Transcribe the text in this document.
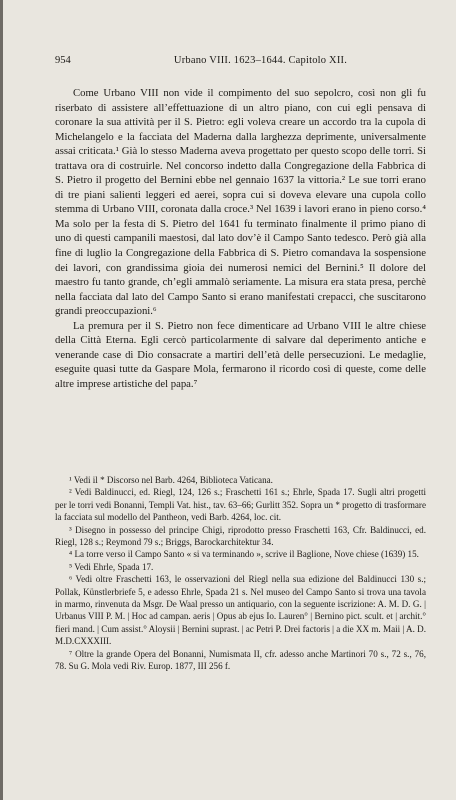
954	Urbano VIII. 1623–1644. Capitolo XII.

Come Urbano VIII non vide il compimento del suo sepolcro, così non gli fu riserbato di assistere all’effettuazione di un altro piano, con cui egli pensava di coronare la sua attività per il S. Pietro: egli voleva creare un accordo tra la cupola di Michelangelo e la facciata del Maderna dalla larghezza deprimente, universalmente assai criticata.¹ Già lo stesso Maderna aveva progettato per questo scopo delle torri. Si trattava ora di costruirle. Nel concorso indetto dalla Congregazione della Fabbrica di S. Pietro il progetto del Bernini ebbe nel gennaio 1637 la vittoria.² Le sue torri erano di tre piani salienti leggeri ed aerei, sopra cui si doveva elevare una cupola collo stemma di Urbano VIII, coronata dalla croce.³ Nel 1639 i lavori erano in pieno corso.⁴ Ma solo per la festa di S. Pietro del 1641 fu terminato finalmente il primo piano di uno di questi campanili maestosi, dal lato dov’è il Campo Santo tedesco. Però già alla fine di luglio la Congregazione della Fabbrica di S. Pietro comandava la sospensione dei lavori, con grandissima gioia dei numerosi nemici del Bernini.⁵ Il dolore del maestro fu tanto grande, ch’egli ammalò seriamente. La misura era stata presa, perchè nella facciata dal lato del Campo Santo si erano manifestati crepacci, che suscitarono grandi preoccupazioni.⁶

La premura per il S. Pietro non fece dimenticare ad Urbano VIII le altre chiese della Città Eterna. Egli cercò particolarmente di salvare dal deperimento antiche e venerande case di Dio consacrate a martiri dell’età delle persecuzioni. Le medaglie, eseguite quasi tutte da Gaspare Mola, fermarono il ricordo così di queste, come delle altre imprese artistiche del papa.⁷

¹ Vedi il * Discorso nel Barb. 4264, Biblioteca Vaticana.

² Vedi Baldinucci, ed. Riegl, 124, 126 s.; Fraschetti 161 s.; Ehrle, Spada 17. Sugli altri progetti per le torri vedi Bonanni, Templi Vat. hist., tav. 63–66; Gurlitt 352. Sopra un * progetto di trasformare la facciata sul modello del Pantheon, vedi Barb. 4264, loc. cit.

³ Disegno in possesso del principe Chigi, riprodotto presso Fraschetti 163, Cfr. Baldinucci, ed. Riegl, 128 s.; Reymond 79 s.; Briggs, Barockarchitektur 34.

⁴ La torre verso il Campo Santo « si va terminando », scrive il Baglione, Nove chiese (1639) 15.

⁵ Vedi Ehrle, Spada 17.

⁶ Vedi oltre Fraschetti 163, le osservazioni del Riegl nella sua edizione del Baldinucci 130 s.; Pollak, Künstlerbriefe 5, e adesso Ehrle, Spada 21 s. Nel museo del Campo Santo si trova una tavola in marmo, rinvenuta da Msgr. De Waal presso un antiquario, con la seguente iscrizione: A. M. D. G. | Urbanus VIII P. M. | Hoc ad campan. aeris | Opus ab ejus Io. Lauren° | Bernino pict. scult. et | archit.° fieri mand. | Cum assist.° Aloysii | Bernini suprast. | ac Petri P. Drei factoris | a die XX m. Maii | A. D. M.D.CXXXIII.

⁷ Oltre la grande Opera del Bonanni, Numismata II, cfr. adesso anche Martinori 70 s., 72 s., 76, 78. Su G. Mola vedi Riv. Europ. 1877, III 256 f.
